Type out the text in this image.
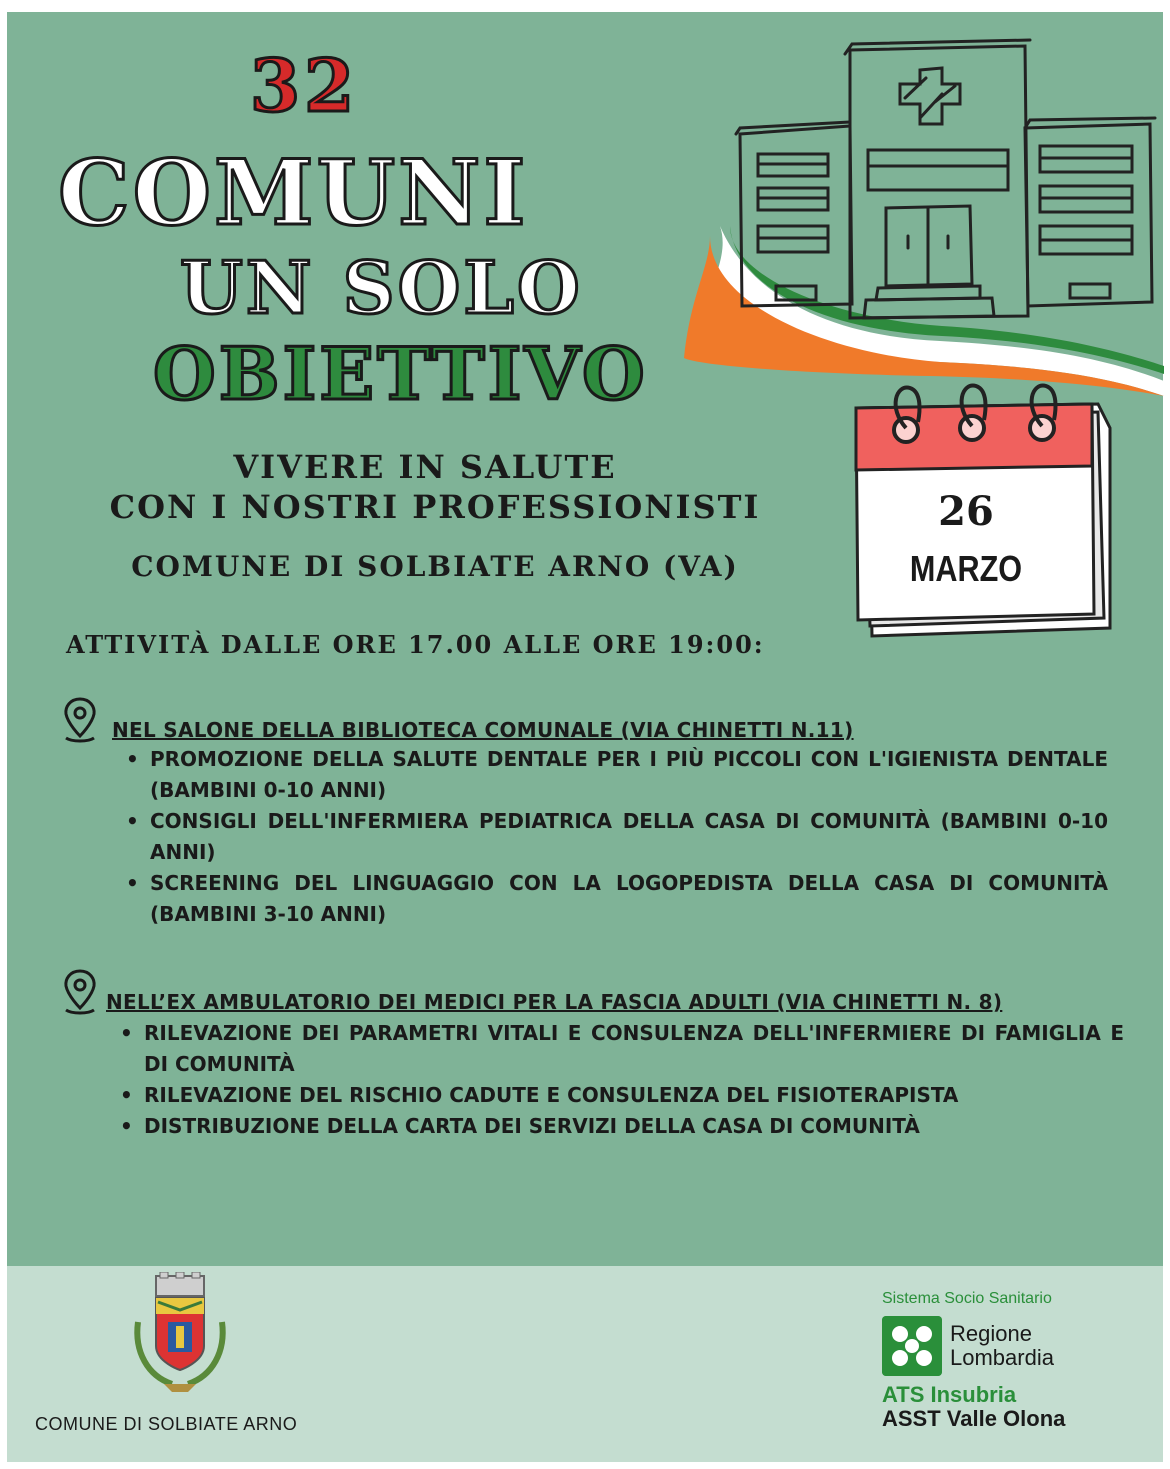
32
COMUNI
UN SOLO
OBIETTIVO

VIVERE IN SALUTE

CON I NOSTRI PROFESSIONISTI

COMUNE DI SOLBIATE ARNO (VA)

26

MARZO

ATTIVITÀ DALLE ORE 17.00 ALLE ORE 19:00:
NEL SALONE DELLA BIBLIOTECA COMUNALE (VIA CHINETTI N.11)
• PROMOZIONE DELLA SALUTE DENTALE PER I PIÙ PICCOLI CON L'IGIENISTA DENTALE (BAMBINI 0-10 ANNI)
• CONSIGLI DELL'INFERMIERA PEDIATRICA DELLA CASA DI COMUNITÀ (BAMBINI 0-10 ANNI)
• SCREENING DEL LINGUAGGIO CON LA LOGOPEDISTA DELLA CASA DI COMUNITÀ (BAMBINI 3-10 ANNI)
NELL’EX AMBULATORIO DEI MEDICI PER LA FASCIA ADULTI (VIA CHINETTI N. 8)
• RILEVAZIONE DEI PARAMETRI VITALI E CONSULENZA DELL'INFERMIERE DI FAMIGLIA E DI COMUNITÀ
• RILEVAZIONE DEL RISCHIO CADUTE E CONSULENZA DEL FISIOTERAPISTA
• DISTRIBUZIONE DELLA CARTA DEI SERVIZI DELLA CASA DI COMUNITÀ
COMUNE DI SOLBIATE ARNO
Sistema Socio Sanitario
Regione
Lombardia
ATS Insubria
ASST Valle Olona
